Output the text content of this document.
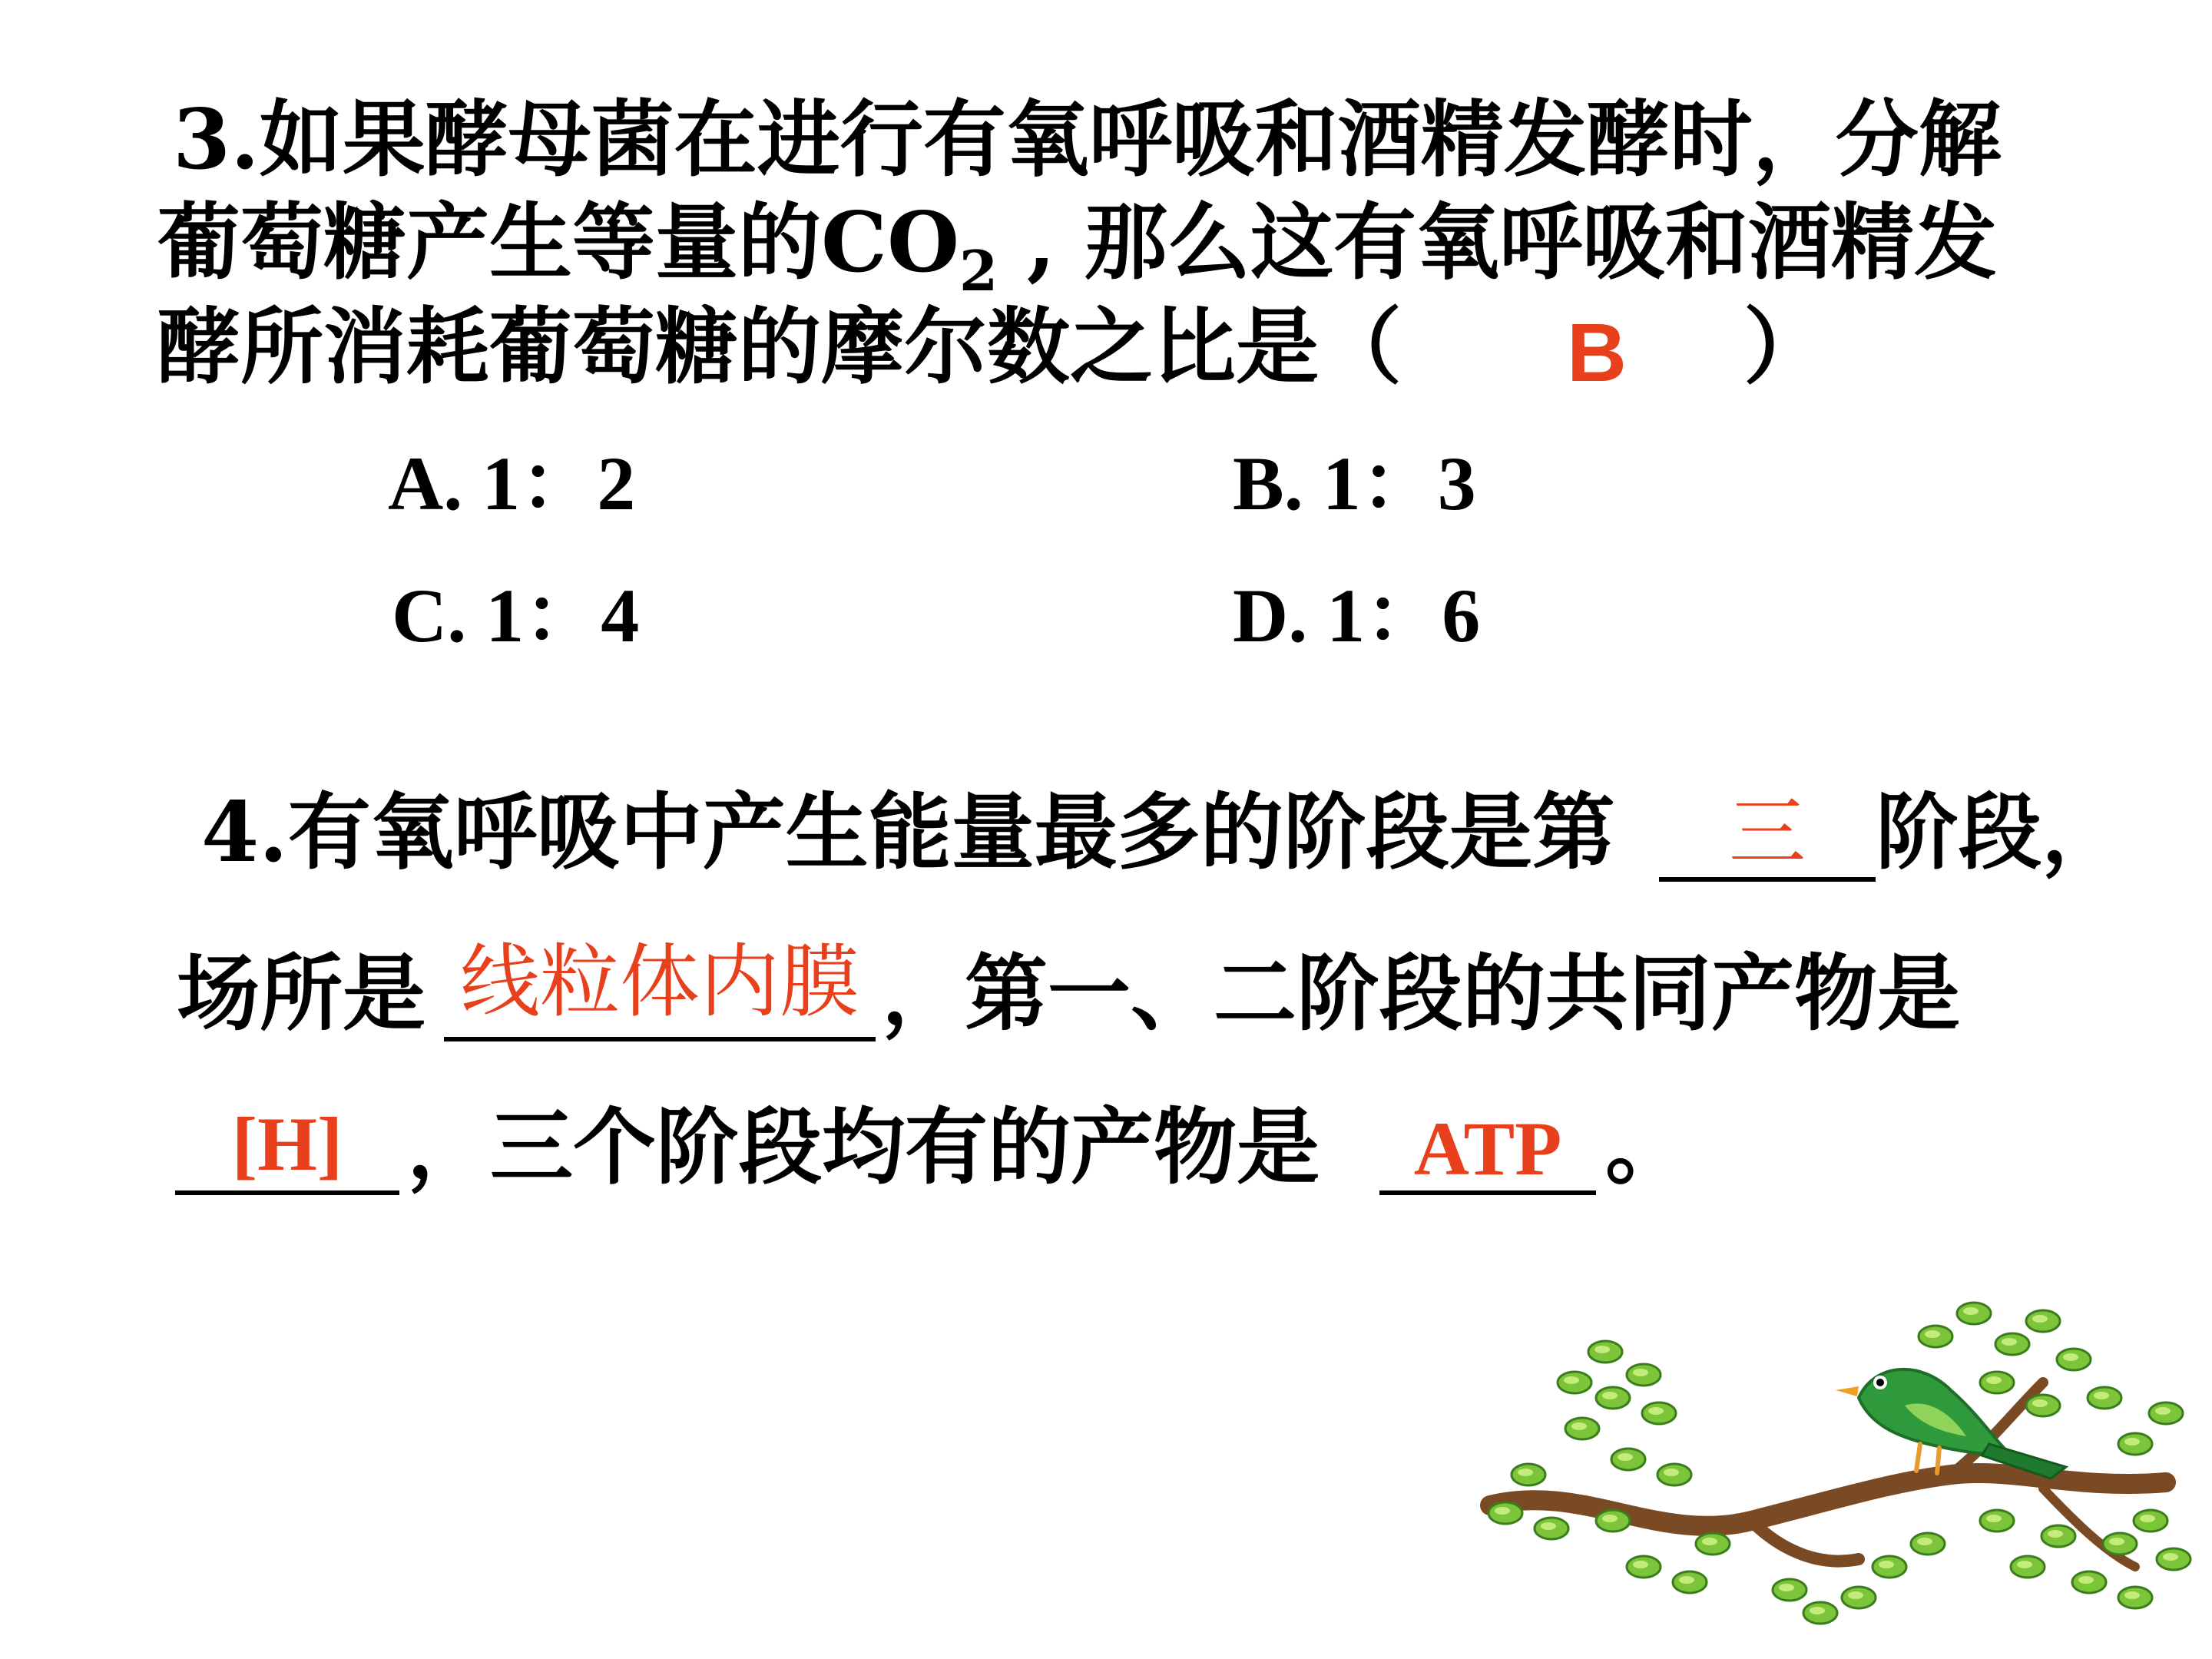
3.如果酵母菌在进行有氧呼吸和酒精发酵时，分解
葡萄糖产生等量的$CO_2$ , 那么这有氧呼吸和酒精发
酵所消耗葡萄糖的摩尔数之比是（ B ）
A. 1：2	B. 1：3
C. 1：4	D. 1：6
4.有氧呼吸中产生能量最多的阶段是第	三 阶段，
场所是 线粒体内膜 ，第一、二阶段的共同产物是
[H] ，三个阶段均有的产物是	ATP 。
